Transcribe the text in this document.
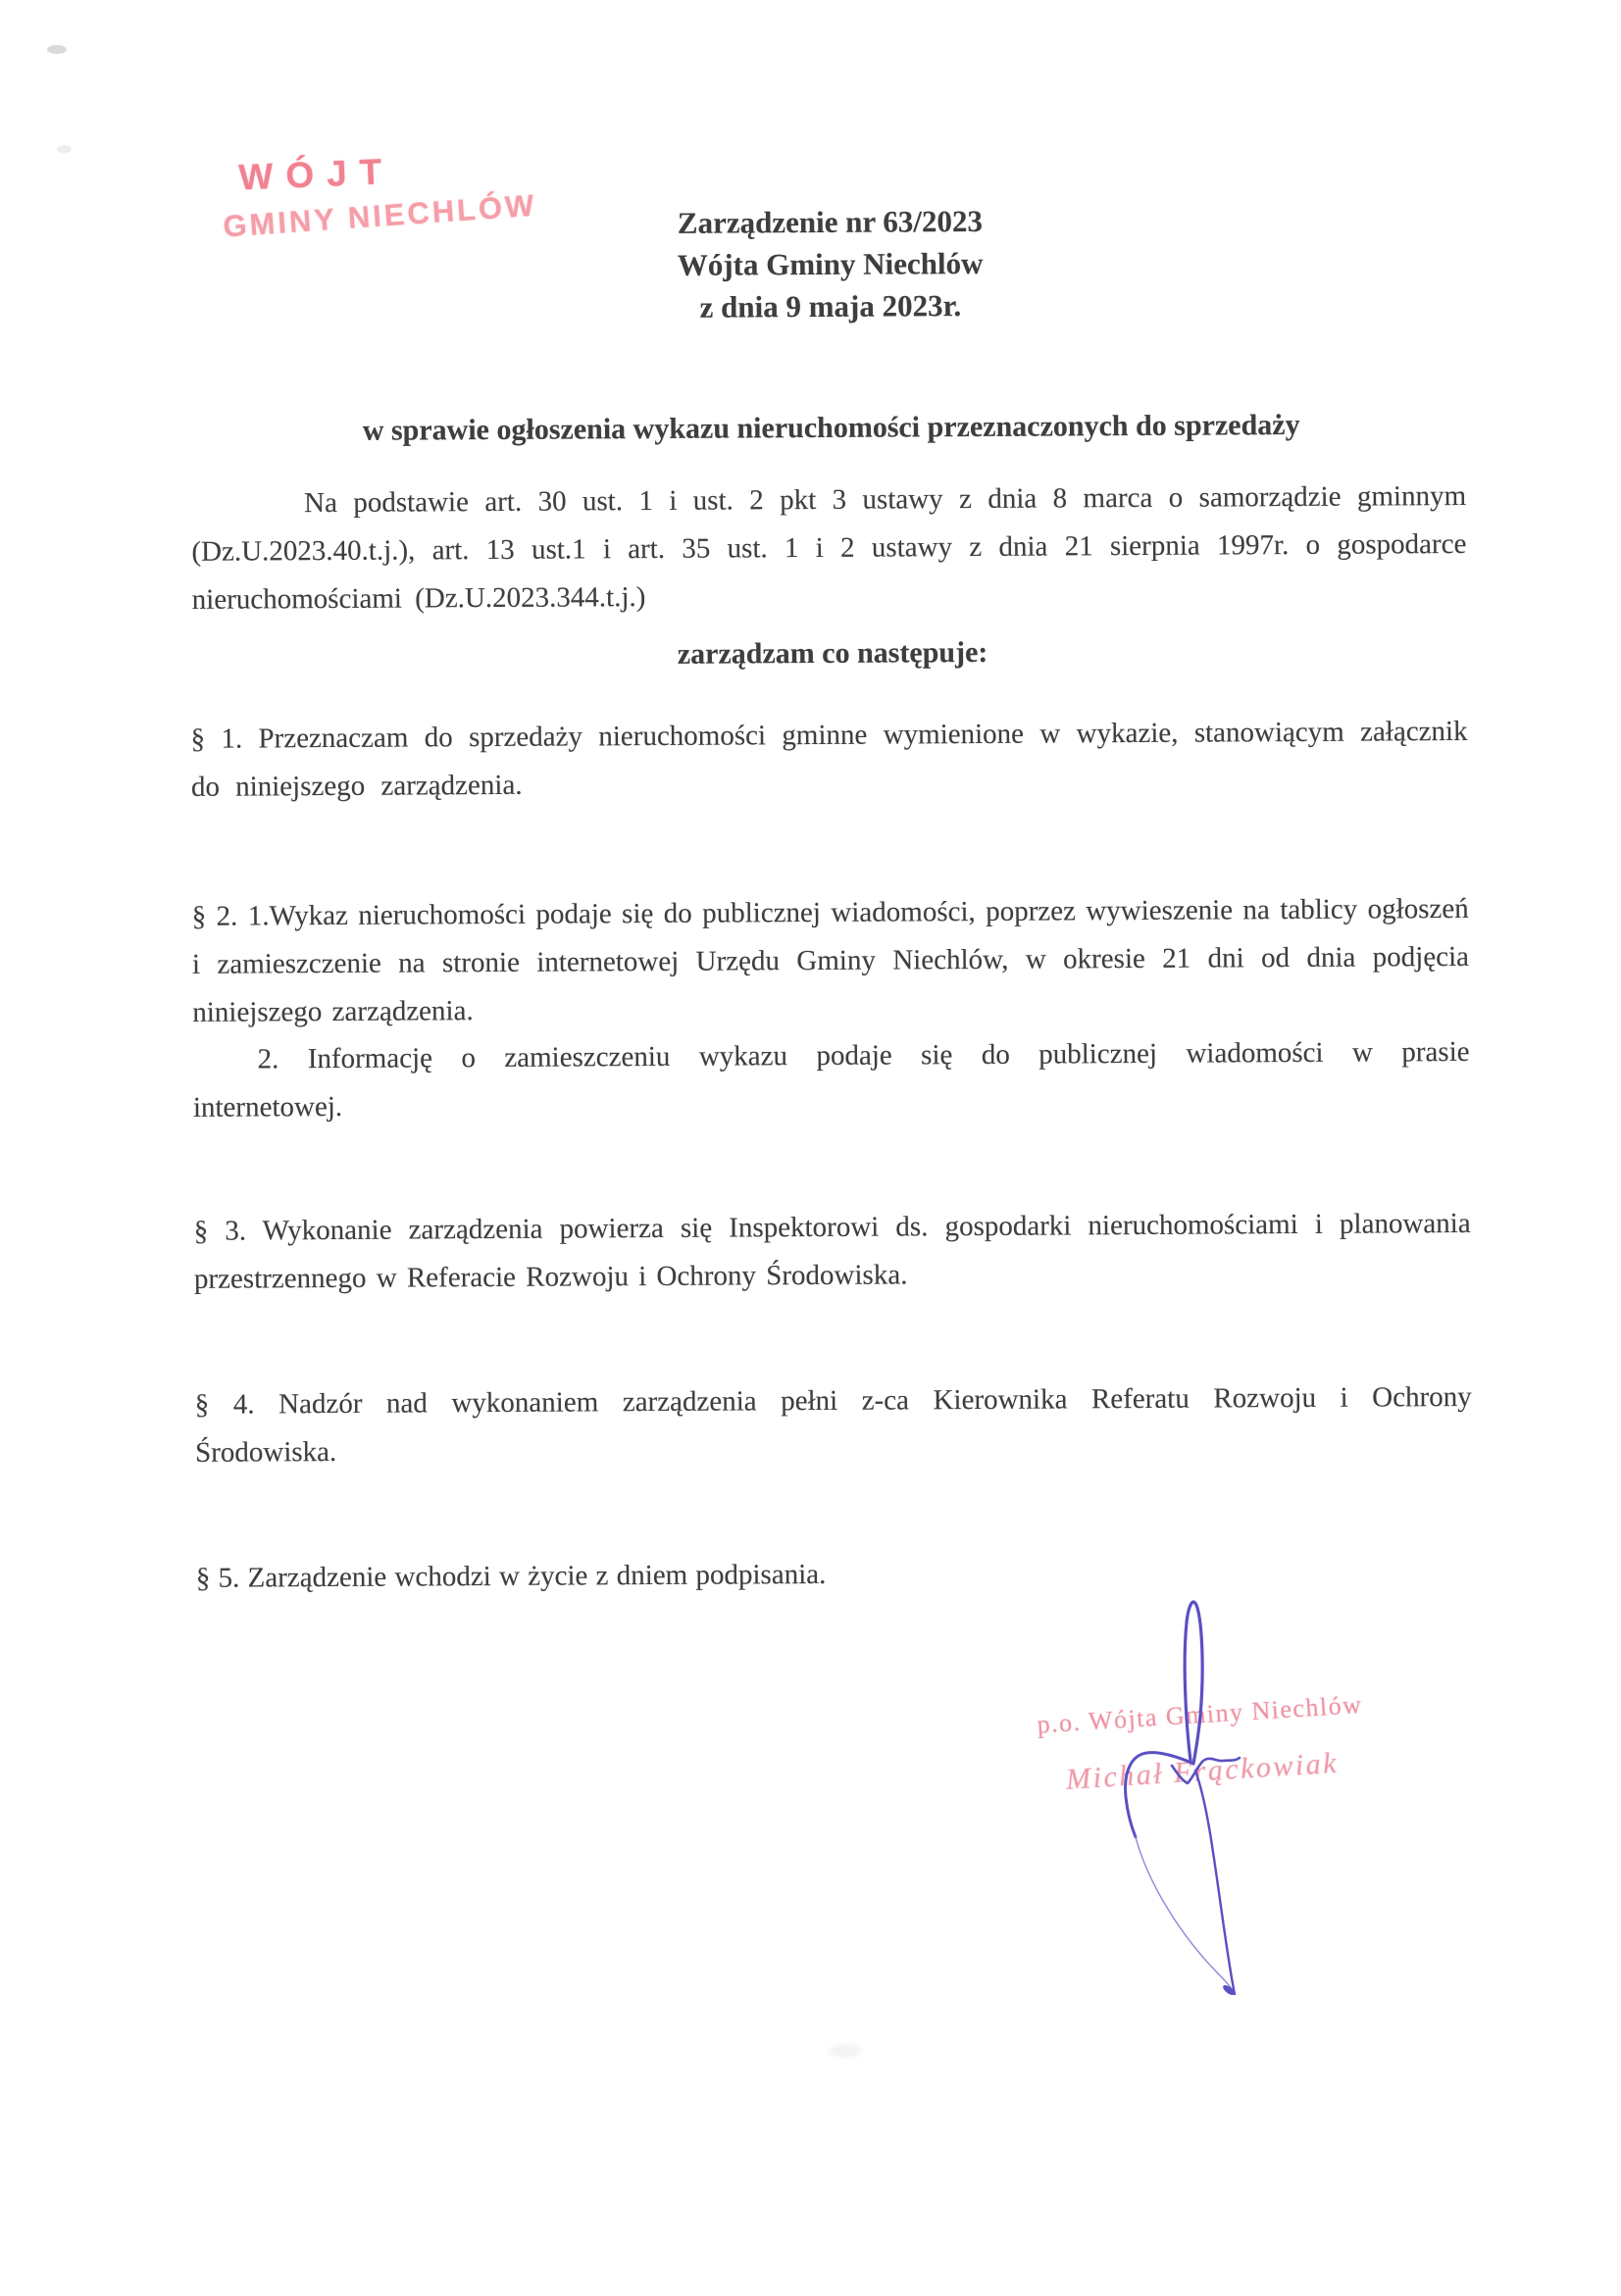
WÓJT
GMINY NIECHLÓW	Zarządzenie nr 63/2023
Wójta Gminy Niechlów
z dnia 9 maja 2023r.
w sprawie ogłoszenia wykazu nieruchomości przeznaczonych do sprzedaży
Na podstawie art. 30 ust. 1 i ust. 2 pkt 3 ustawy z dnia 8 marca o samorządzie gminnym (Dz.U.2023.40.t.j.), art. 13 ust.1 i art. 35 ust. 1 i 2 ustawy z dnia 21 sierpnia 1997r. o gospodarce nieruchomościami (Dz.U.2023.344.t.j.)
zarządzam co następuje:
§ 1. Przeznaczam do sprzedaży nieruchomości gminne wymienione w wykazie, stanowiącym załącznik do niniejszego zarządzenia.
§ 2. 1.Wykaz nieruchomości podaje się do publicznej wiadomości, poprzez wywieszenie na tablicy ogłoszeń i zamieszczenie na stronie internetowej Urzędu Gminy Niechlów, w okresie 21 dni od dnia podjęcia niniejszego zarządzenia.
2. Informację o zamieszczeniu wykazu podaje się do publicznej wiadomości w prasie internetowej.
§ 3. Wykonanie zarządzenia powierza się Inspektorowi ds. gospodarki nieruchomościami i planowania przestrzennego w Referacie Rozwoju i Ochrony Środowiska.
§ 4. Nadzór nad wykonaniem zarządzenia pełni z-ca Kierownika Referatu Rozwoju i Ochrony Środowiska.
§ 5. Zarządzenie wchodzi w życie z dniem podpisania.
p.o. Wójta Gminy Niechlów
Michał Frąckowiak
